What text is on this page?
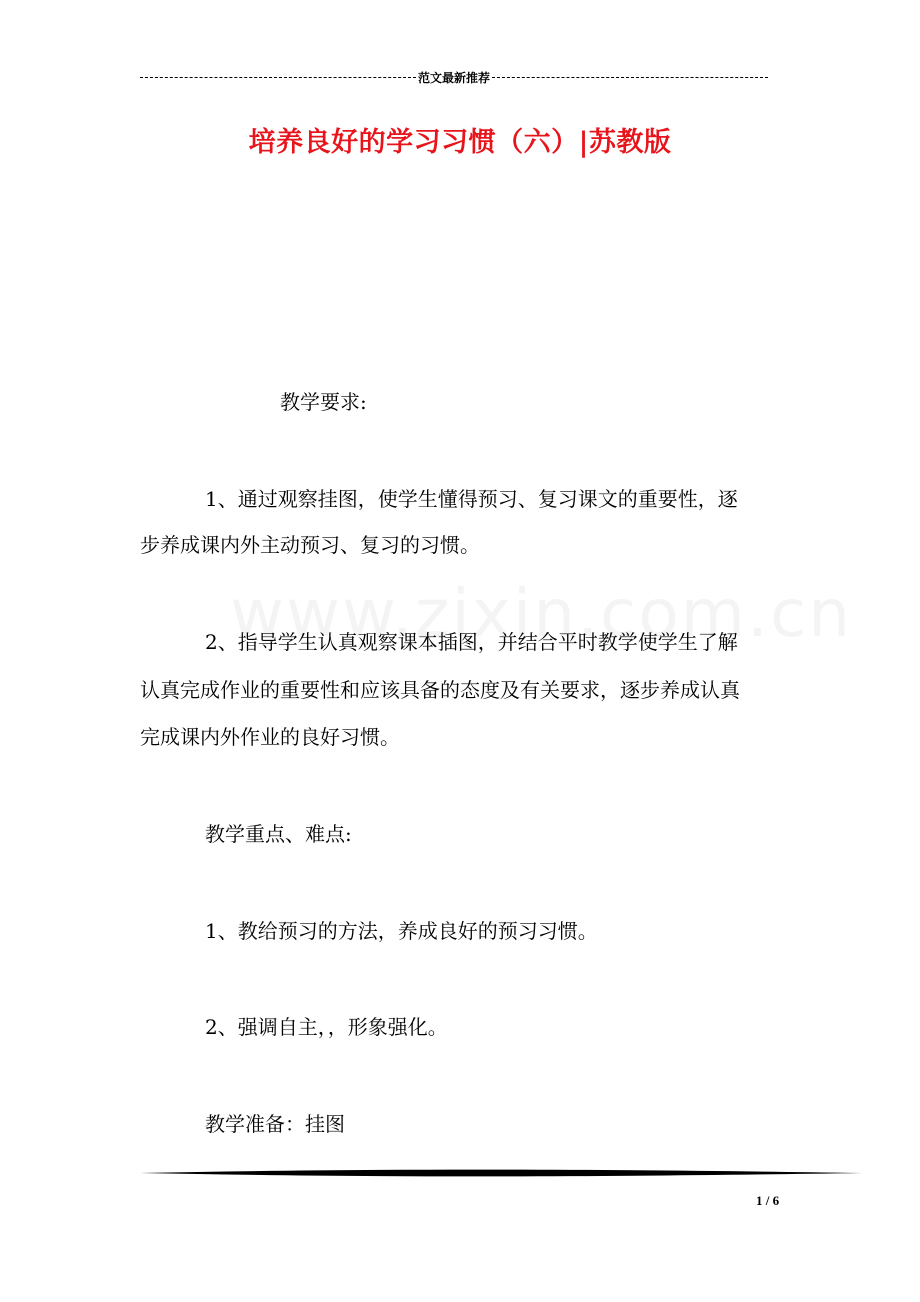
范文最新推荐
培养良好的学习习惯（六）|苏教版

教学要求:

1、通过观察挂图，使学生懂得预习、复习课文的重要性，逐

步养成课内外主动预习、复习的习惯。

2、指导学生认真观察课本插图，并结合平时教学使学生了解

认真完成作业的重要性和应该具备的态度及有关要求，逐步养成认真

完成课内外作业的良好习惯。

教学重点、难点:

1、教给预习的方法，养成良好的预习习惯。

2、强调自主，，形象强化。

教学准备：挂图

1 / 6
